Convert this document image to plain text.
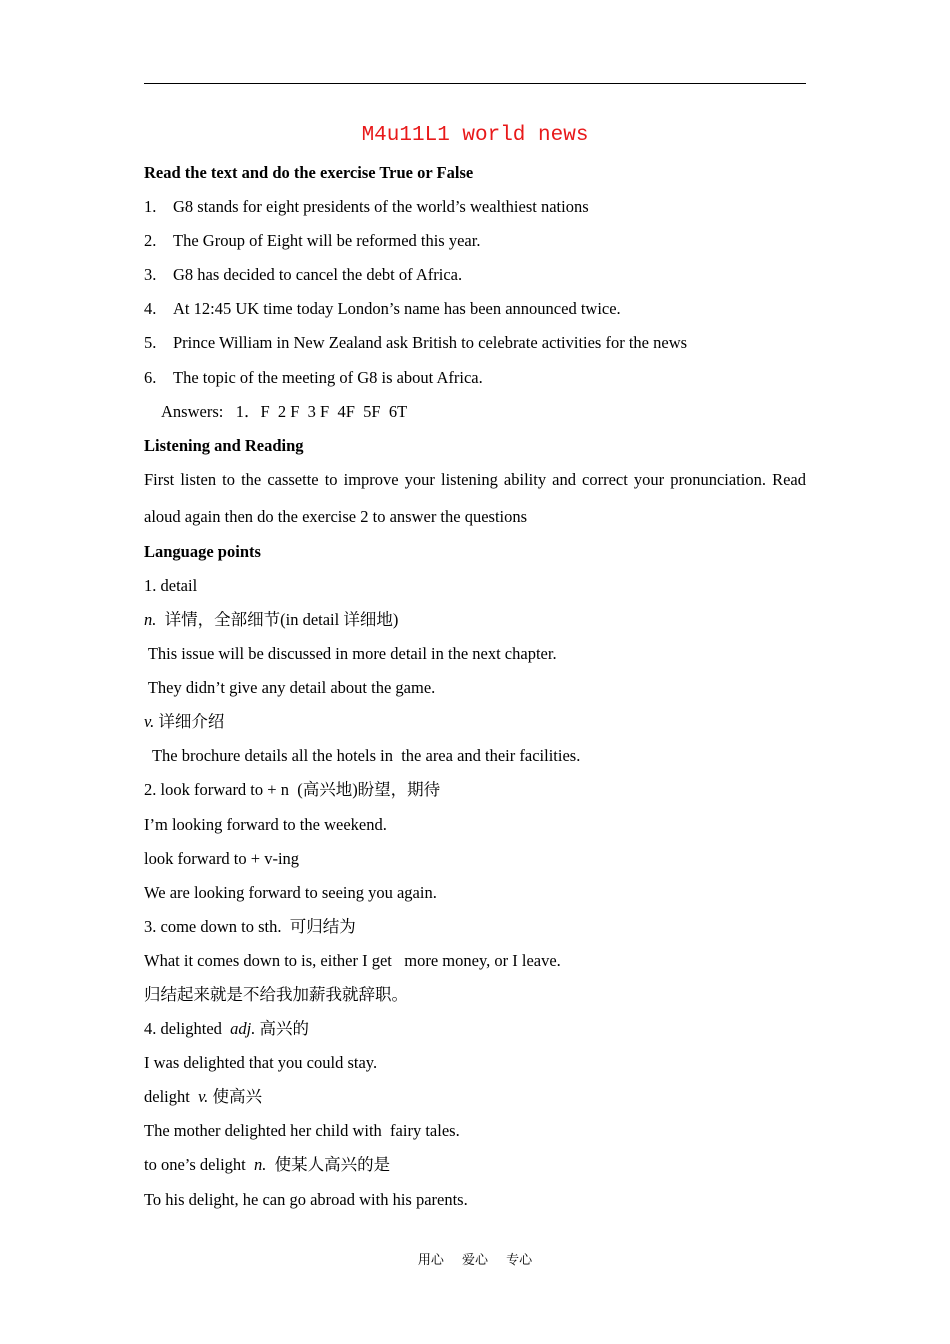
M4u11L1 world news
Read the text and do the exercise True or False
1. G8 stands for eight presidents of the world’s wealthiest nations
2. The Group of Eight will be reformed this year.
3. G8 has decided to cancel the debt of Africa.
4. At 12:45 UK time today London’s name has been announced twice.
5. Prince William in New Zealand ask British to celebrate activities for the news
6. The topic of the meeting of G8 is about Africa.
Answers:   1．F  2 F  3 F  4F  5F  6T
Listening and Reading
First listen to the cassette to improve your listening ability and correct your pronunciation. Read aloud again then do the exercise 2 to answer the questions
Language points
1. detail
n.  详情，全部细节(in detail 详细地)
This issue will be discussed in more detail in the next chapter.
They didn’t give any detail about the game.
v. 详细介绍
The brochure details all the hotels in  the area and their facilities.
2. look forward to + n  (高兴地)盼望，期待
I’m looking forward to the weekend.
look forward to + v-ing
We are looking forward to seeing you again.
3. come down to sth.  可归结为
What it comes down to is, either I get   more money, or I leave.
归结起来就是不给我加薪我就辞职。
4. delighted  adj. 高兴的
I was delighted that you could stay.
delight  v. 使高兴
The mother delighted her child with  fairy tales.
to one’s delight  n.  使某人高兴的是
To his delight, he can go abroad with his parents.
用心 爱心 专心
